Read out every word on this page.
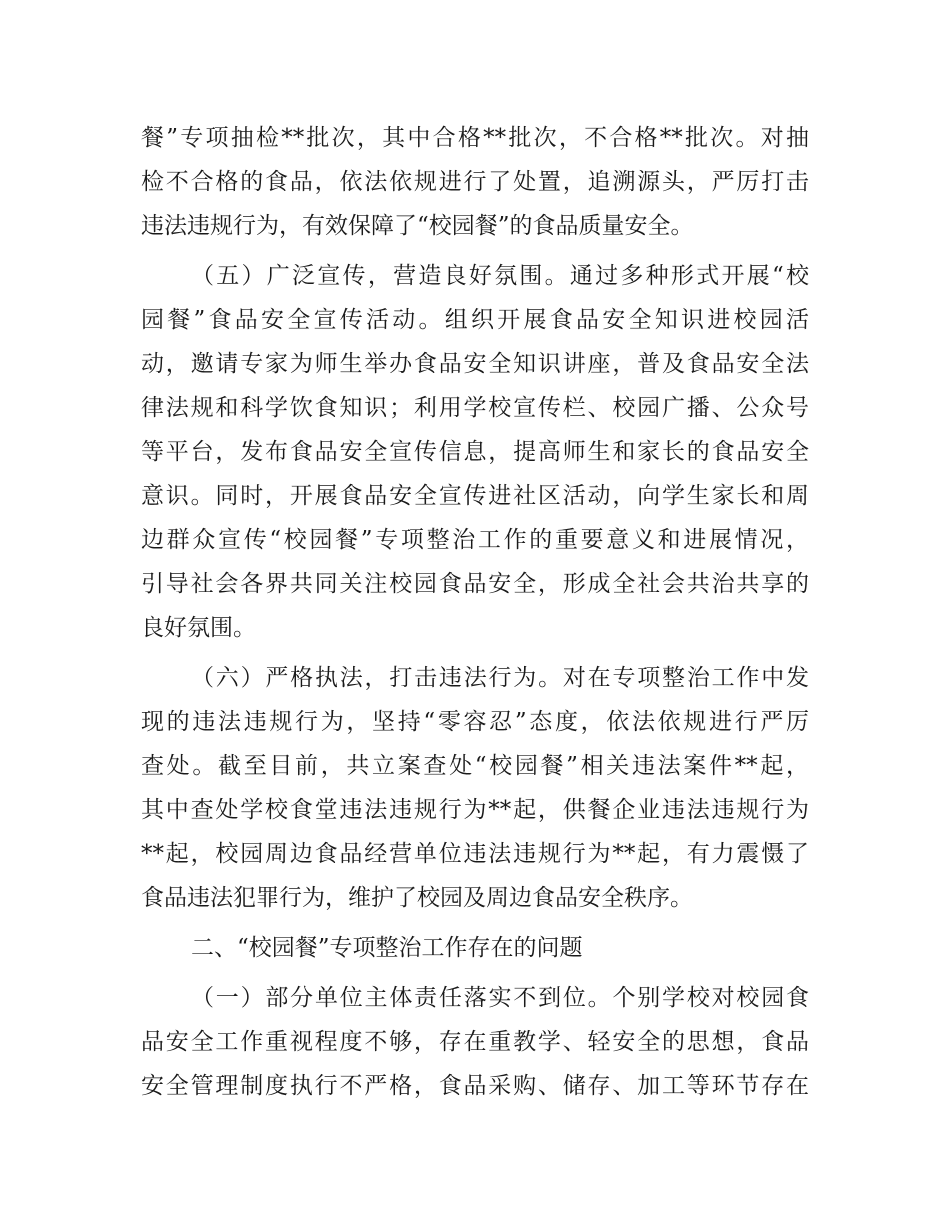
餐”专项抽检**批次，其中合格**批次，不合格**批次。对抽
检不合格的食品，依法依规进行了处置，追溯源头，严厉打击
违法违规行为，有效保障了“校园餐”的食品质量安全。
（五）广泛宣传，营造良好氛围。通过多种形式开展“校
园餐”食品安全宣传活动。组织开展食品安全知识进校园活
动，邀请专家为师生举办食品安全知识讲座，普及食品安全法
律法规和科学饮食知识；利用学校宣传栏、校园广播、公众号
等平台，发布食品安全宣传信息，提高师生和家长的食品安全
意识。同时，开展食品安全宣传进社区活动，向学生家长和周
边群众宣传“校园餐”专项整治工作的重要意义和进展情况，
引导社会各界共同关注校园食品安全，形成全社会共治共享的
良好氛围。
（六）严格执法，打击违法行为。对在专项整治工作中发
现的违法违规行为，坚持“零容忍”态度，依法依规进行严厉
查处。截至目前，共立案查处“校园餐”相关违法案件**起，
其中查处学校食堂违法违规行为**起，供餐企业违法违规行为
**起，校园周边食品经营单位违法违规行为**起，有力震慑了
食品违法犯罪行为，维护了校园及周边食品安全秩序。
二、“校园餐”专项整治工作存在的问题
（一）部分单位主体责任落实不到位。个别学校对校园食
品安全工作重视程度不够，存在重教学、轻安全的思想，食品
安全管理制度执行不严格，食品采购、储存、加工等环节存在
